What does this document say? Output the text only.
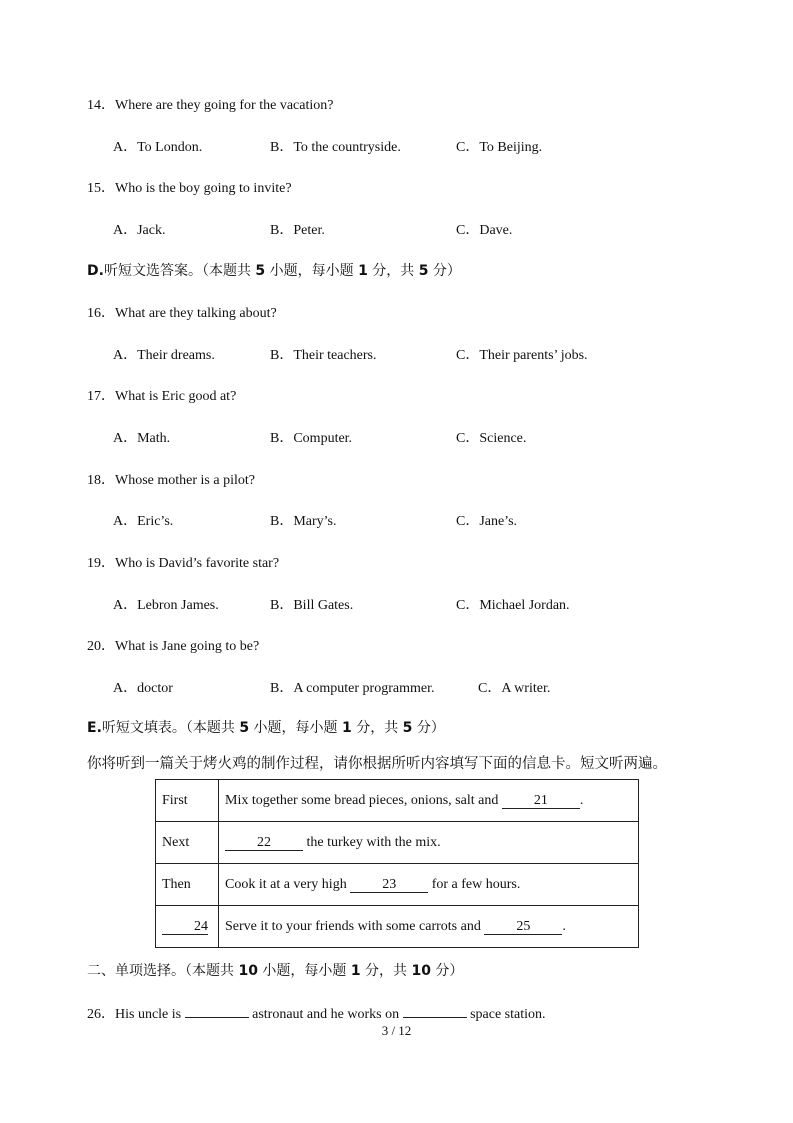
14．Where are they going for the vacation?
A．To London.	B．To the countryside.	C．To Beijing.
15．Who is the boy going to invite?
A．Jack.	B．Peter.	C．Dave.
D.听短文选答案。（本题共 5 小题，每小题 1 分，共 5 分）
16．What are they talking about?
A．Their dreams.	B．Their teachers.	C．Their parents’ jobs.
17．What is Eric good at?
A．Math.	B．Computer.	C．Science.
18．Whose mother is a pilot?
A．Eric’s.	B．Mary’s.	C．Jane’s.
19．Who is David’s favorite star?
A．Lebron James.	B．Bill Gates.	C．Michael Jordan.
20．What is Jane going to be?
A．doctor	B．A computer programmer.	C．A writer.
E.听短文填表。（本题共 5 小题，每小题 1 分，共 5 分）
你将听到一篇关于烤火鸡的制作过程，请你根据所听内容填写下面的信息卡。短文听两遍。
First	Mix together some bread pieces, onions, salt and 21 .
Next	22 the turkey with the mix.
Then	Cook it at a very high 23 for a few hours.
24	Serve it to your friends with some carrots and 25 .
二、单项选择。（本题共 10 小题，每小题 1 分，共 10 分）
26．His uncle is	astronaut and he works on	space station.
3 / 12
